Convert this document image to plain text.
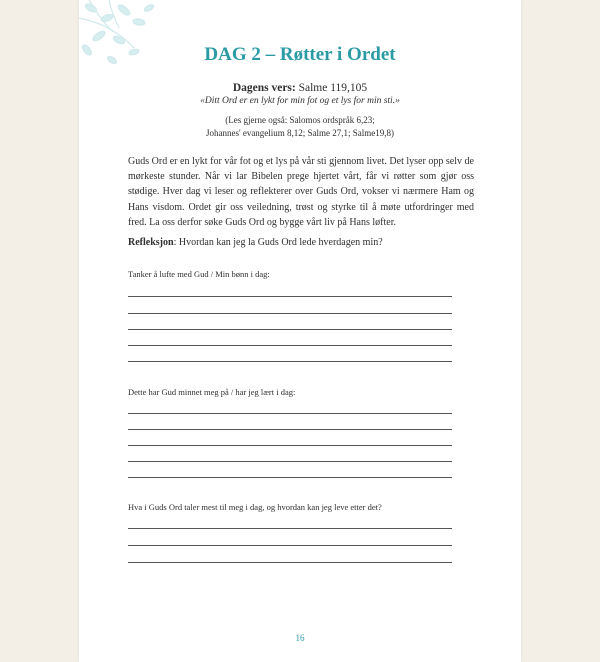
DAG 2 – Røtter i Ordet
Dagens vers: Salme 119,105
«Ditt Ord er en lykt for min fot og et lys for min sti.»
(Les gjerne også: Salomos ordspråk 6,23;
Johannes' evangelium 8,12; Salme 27,1; Salme19,8)

Guds Ord er en lykt for vår fot og et lys på vår sti gjennom livet. Det lyser opp selv de mørkeste stunder. Når vi lar Bibelen prege hjertet vårt, får vi røtter som gjør oss stødige. Hver dag vi leser og reflekterer over Guds Ord, vokser vi nærmere Ham og Hans visdom. Ordet gir oss veiledning, trøst og styrke til å møte utfordringer med fred. La oss derfor søke Guds Ord og bygge vårt liv på Hans løfter.

Refleksjon: Hvordan kan jeg la Guds Ord lede hverdagen min?

Tanker å lufte med Gud / Min bønn i dag:

Dette har Gud minnet meg på / har jeg lært i dag:

Hva i Guds Ord taler mest til meg i dag, og hvordan kan jeg leve etter det?

16
